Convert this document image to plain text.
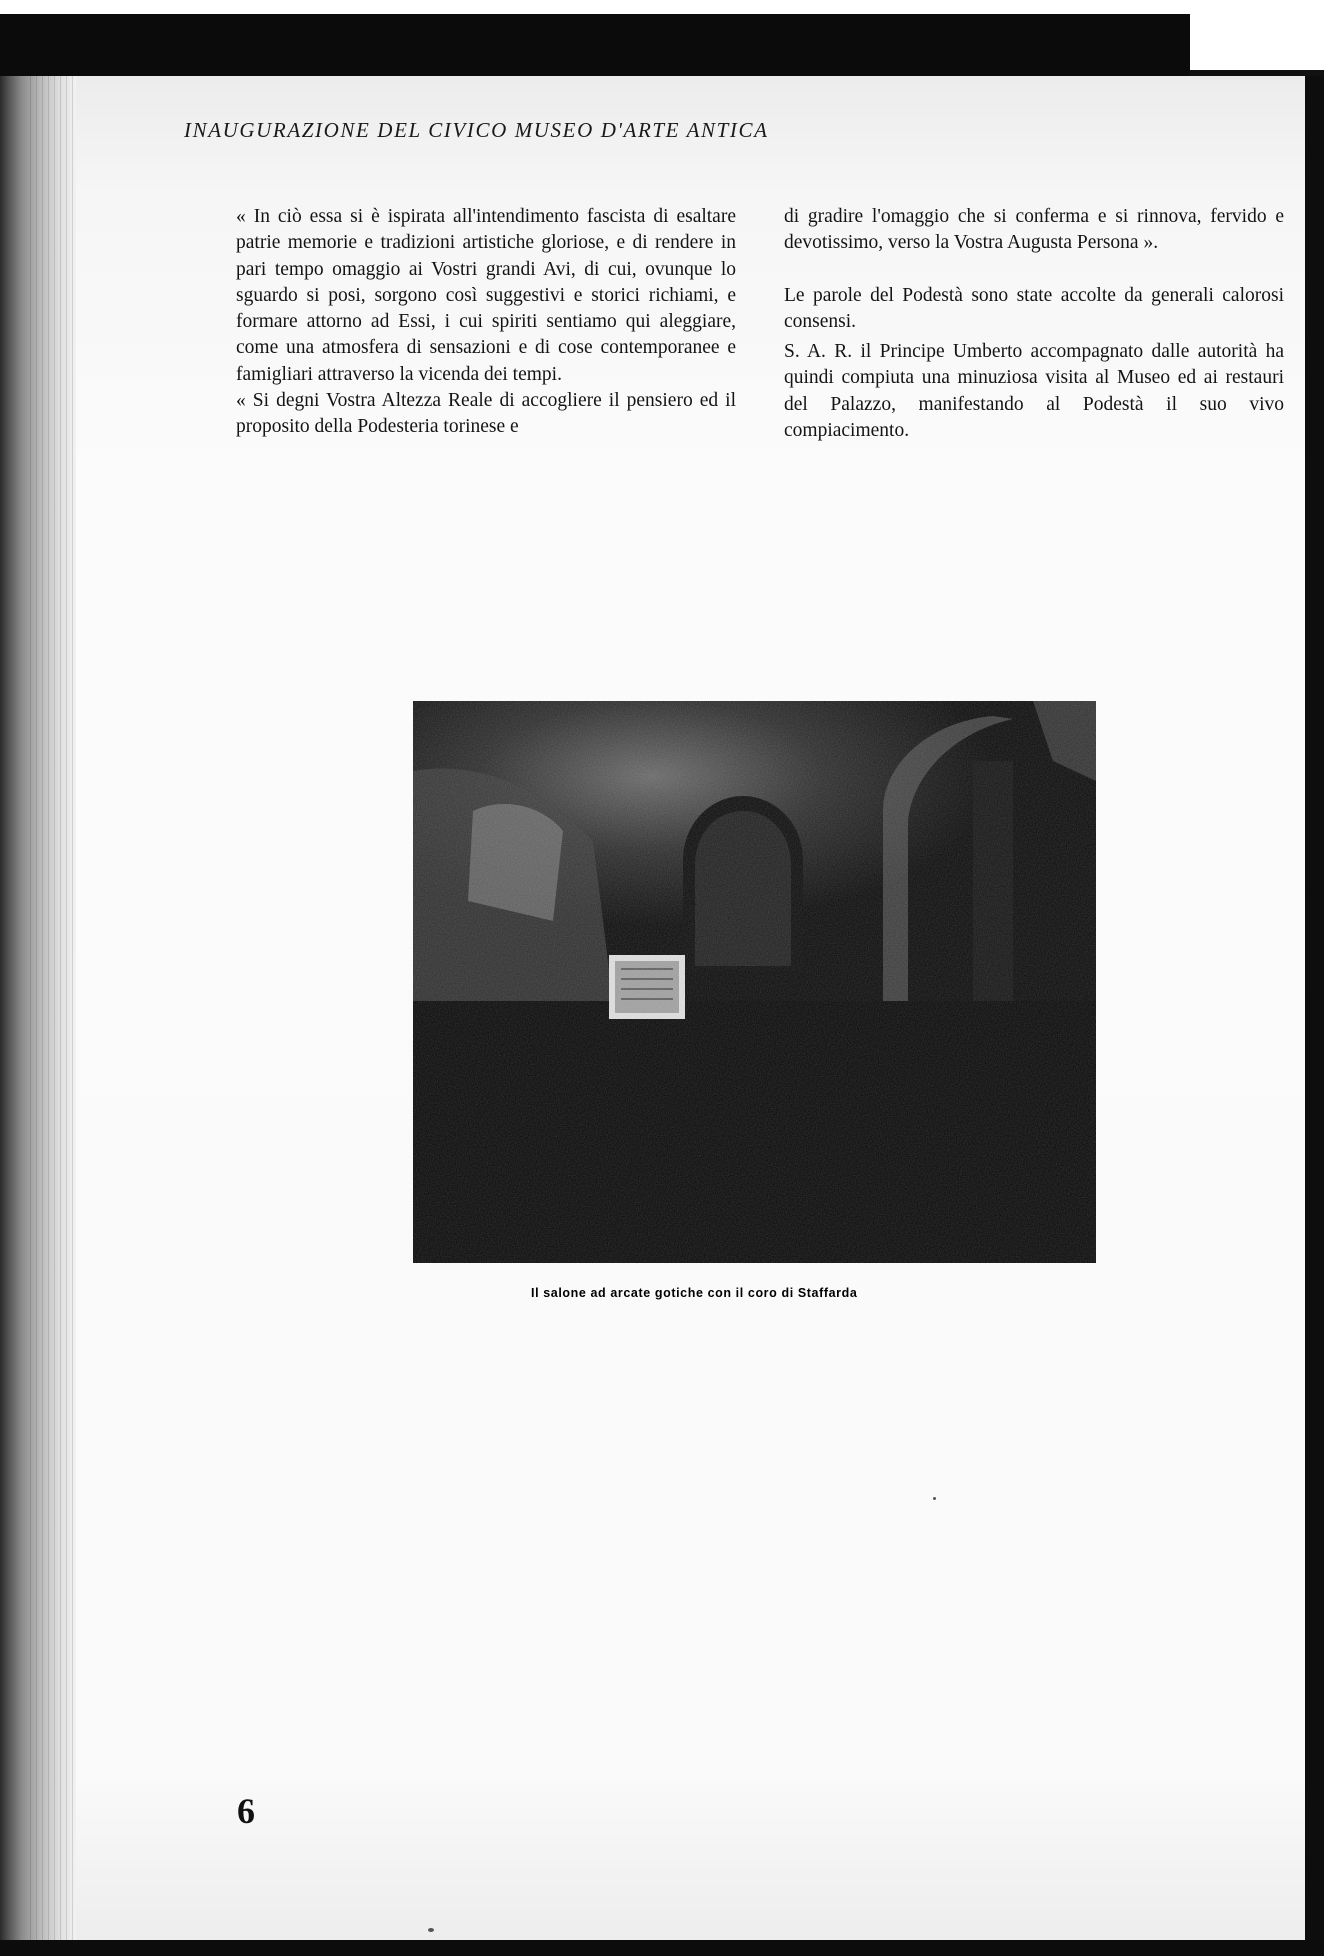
INAUGURAZIONE DEL CIVICO MUSEO D'ARTE ANTICA

« In ciò essa si è ispirata all'intendimento fascista di esaltare patrie memorie e tradizioni artistiche gloriose, e di rendere in pari tempo omaggio ai Vostri grandi Avi, di cui, ovunque lo sguardo si posi, sorgono così suggestivi e storici richiami, e formare attorno ad Essi, i cui spiriti sentiamo qui aleggiare, come una atmosfera di sensazioni e di cose contemporanee e famigliari attraverso la vicenda dei tempi.

« Si degni Vostra Altezza Reale di accogliere il pensiero ed il proposito della Podesteria torinese e

di gradire l'omaggio che si conferma e si rinnova, fervido e devotissimo, verso la Vostra Augusta Persona ».

Le parole del Podestà sono state accolte da generali calorosi consensi.

S. A. R. il Principe Umberto accompagnato dalle autorità ha quindi compiuta una minuziosa visita al Museo ed ai restauri del Palazzo, manifestando al Podestà il suo vivo compiacimento.

Il salone ad arcate gotiche con il coro di Staffarda
6
